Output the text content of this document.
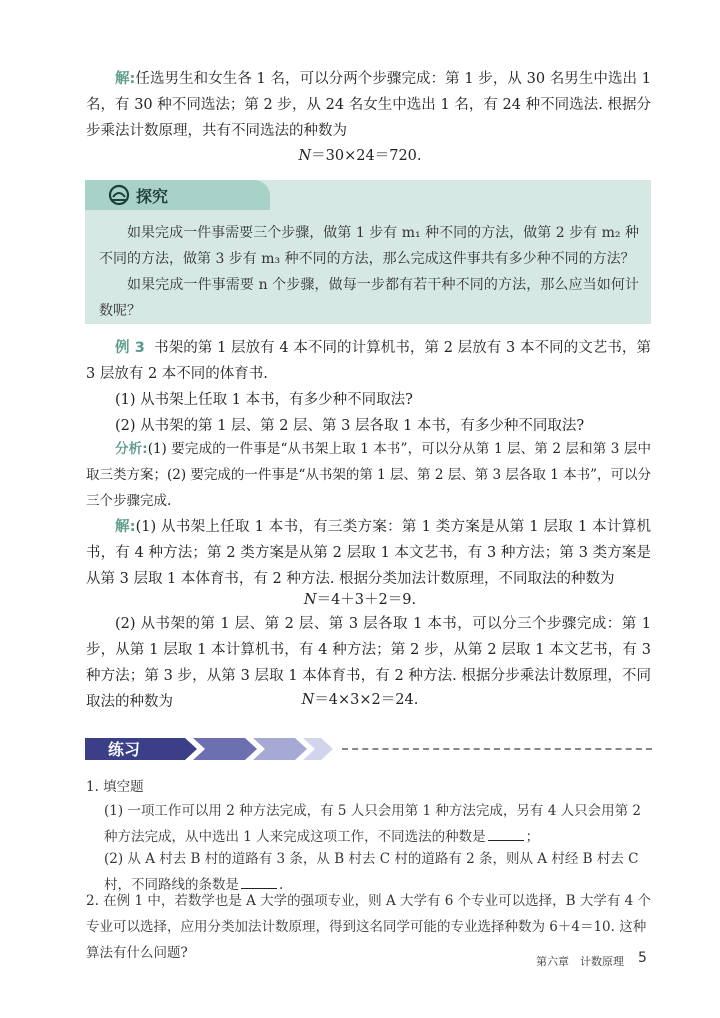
解:任选男生和女生各 1 名，可以分两个步骤完成：第 1 步，从 30 名男生中选出 1 名，有 30 种不同选法；第 2 步，从 24 名女生中选出 1 名，有 24 种不同选法. 根据分步乘法计数原理，共有不同选法的种数为
N＝30×24＝720.
探究
如果完成一件事需要三个步骤，做第 1 步有 m₁ 种不同的方法，做第 2 步有 m₂ 种不同的方法，做第 3 步有 m₃ 种不同的方法，那么完成这件事共有多少种不同的方法？
如果完成一件事需要 n 个步骤，做每一步都有若干种不同的方法，那么应当如何计数呢？
例 3 书架的第 1 层放有 4 本不同的计算机书，第 2 层放有 3 本不同的文艺书，第 3 层放有 2 本不同的体育书.
(1) 从书架上任取 1 本书，有多少种不同取法?
(2) 从书架的第 1 层、第 2 层、第 3 层各取 1 本书，有多少种不同取法?
分析:(1) 要完成的一件事是“从书架上取 1 本书”，可以分从第 1 层、第 2 层和第 3 层中取三类方案；(2) 要完成的一件事是“从书架的第 1 层、第 2 层、第 3 层各取 1 本书”，可以分三个步骤完成.
解:(1) 从书架上任取 1 本书，有三类方案：第 1 类方案是从第 1 层取 1 本计算机书，有 4 种方法；第 2 类方案是从第 2 层取 1 本文艺书，有 3 种方法；第 3 类方案是从第 3 层取 1 本体育书，有 2 种方法. 根据分类加法计数原理，不同取法的种数为
N＝4＋3＋2＝9.
(2) 从书架的第 1 层、第 2 层、第 3 层各取 1 本书，可以分三个步骤完成：第 1 步，从第 1 层取 1 本计算机书，有 4 种方法；第 2 步，从第 2 层取 1 本文艺书，有 3 种方法；第 3 步，从第 3 层取 1 本体育书，有 2 种方法. 根据分步乘法计数原理，不同取法的种数为	N＝4×3×2＝24.
练习
1. 填空题
(1) 一项工作可以用 2 种方法完成，有 5 人只会用第 1 种方法完成，另有 4 人只会用第 2 种方法完成，从中选出 1 人来完成这项工作，不同选法的种数是	；
(2) 从 A 村去 B 村的道路有 3 条，从 B 村去 C 村的道路有 2 条，则从 A 村经 B 村去 C 村，不同路线的条数是	.
2. 在例 1 中，若数学也是 A 大学的强项专业，则 A 大学有 6 个专业可以选择，B 大学有 4 个专业可以选择，应用分类加法计数原理，得到这名同学可能的专业选择种数为 6＋4＝10. 这种算法有什么问题?
第六章　计数原理 5
